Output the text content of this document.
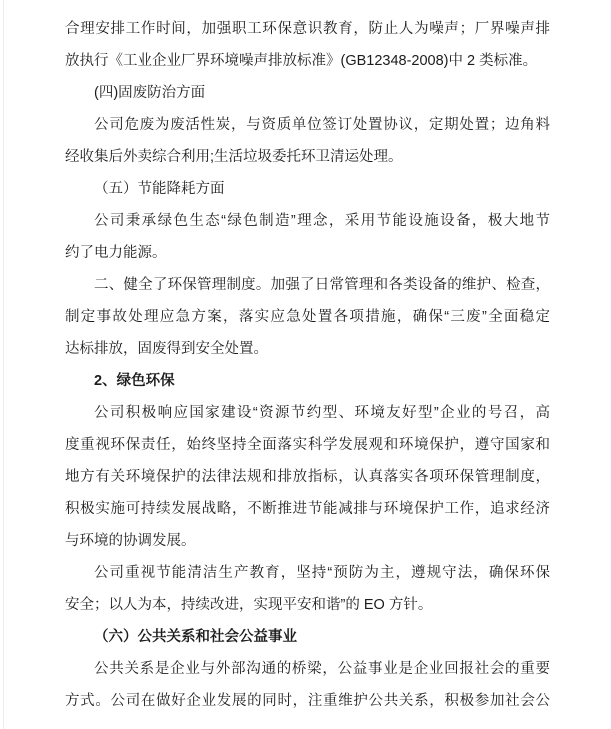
合理安排工作时间，加强职工环保意识教育，防止人为噪声；厂界噪声排
放执行《工业企业厂界环境噪声排放标准》(GB12348-2008)中 2 类标准。
(四)固废防治方面
公司危废为废活性炭，与资质单位签订处置协议，定期处置；边角料
经收集后外卖综合利用;生活垃圾委托环卫清运处理。
（五）节能降耗方面
公司秉承绿色生态“绿色制造”理念，采用节能设施设备，极大地节
约了电力能源。
二、健全了环保管理制度。加强了日常管理和各类设备的维护、检查，
制定事故处理应急方案，落实应急处置各项措施，确保“三废”全面稳定
达标排放，固废得到安全处置。
2、绿色环保
公司积极响应国家建设“资源节约型、环境友好型”企业的号召，高
度重视环保责任，始终坚持全面落实科学发展观和环境保护，遵守国家和
地方有关环境保护的法律法规和排放指标，认真落实各项环保管理制度，
积极实施可持续发展战略，不断推进节能减排与环境保护工作，追求经济
与环境的协调发展。
公司重视节能清洁生产教育，坚持“预防为主，遵规守法，确保环保
安全；以人为本，持续改进，实现平安和谐”的 EO 方针。
（六）公共关系和社会公益事业
公共关系是企业与外部沟通的桥梁，公益事业是企业回报社会的重要
方式。公司在做好企业发展的同时，注重维护公共关系，积极参加社会公
